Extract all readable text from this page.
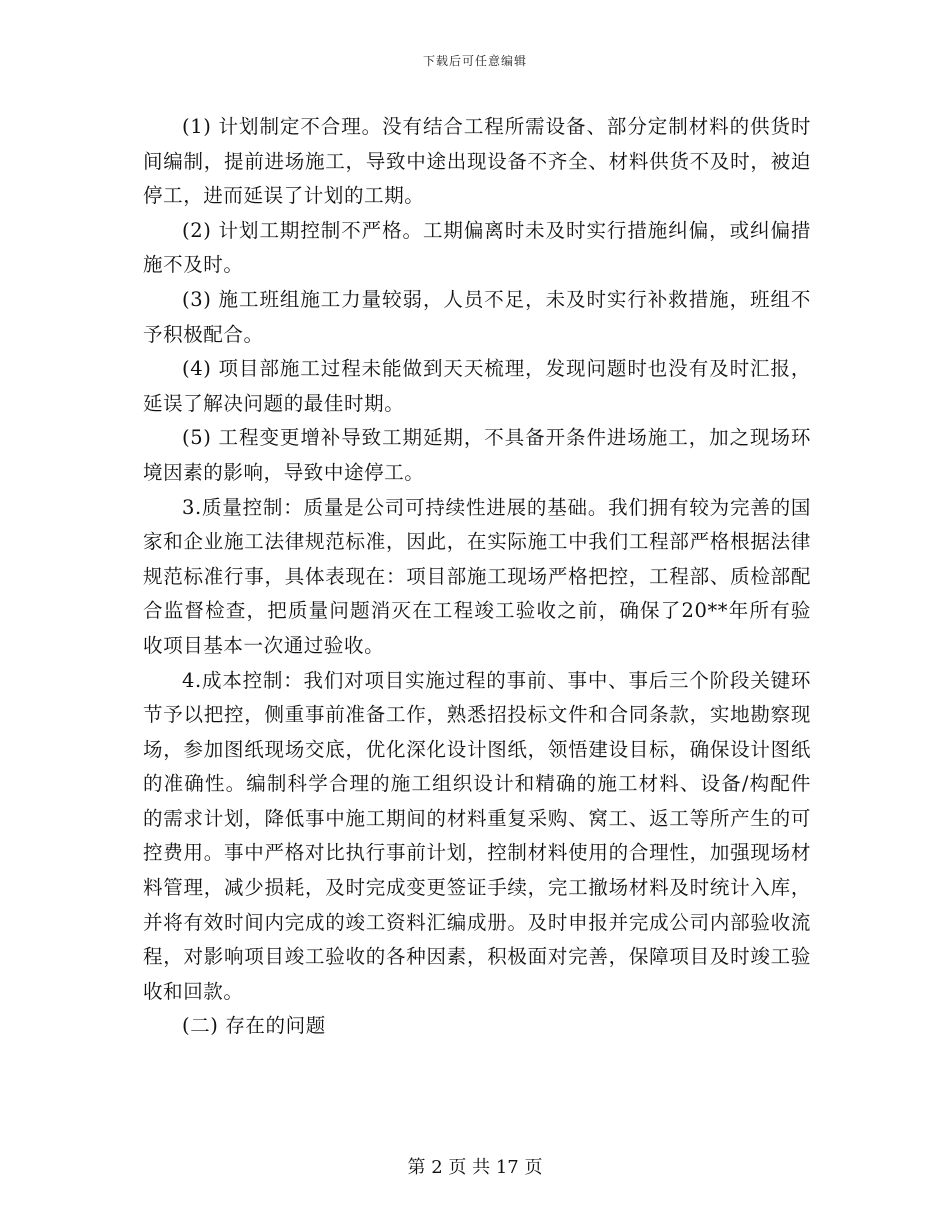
下载后可任意编辑

(1) 计划制定不合理。没有结合工程所需设备、部分定制材料的供货时间编制，提前进场施工，导致中途出现设备不齐全、材料供货不及时，被迫停工，进而延误了计划的工期。

(2) 计划工期控制不严格。工期偏离时未及时实行措施纠偏，或纠偏措施不及时。

(3) 施工班组施工力量较弱，人员不足，未及时实行补救措施，班组不予积极配合。

(4) 项目部施工过程未能做到天天梳理，发现问题时也没有及时汇报，延误了解决问题的最佳时期。

(5) 工程变更增补导致工期延期，不具备开条件进场施工，加之现场环境因素的影响，导致中途停工。

3.质量控制：质量是公司可持续性进展的基础。我们拥有较为完善的国家和企业施工法律规范标准，因此，在实际施工中我们工程部严格根据法律规范标准行事，具体表现在：项目部施工现场严格把控，工程部、质检部配合监督检查，把质量问题消灭在工程竣工验收之前，确保了20**年所有验收项目基本一次通过验收。

4.成本控制：我们对项目实施过程的事前、事中、事后三个阶段关键环节予以把控，侧重事前准备工作，熟悉招投标文件和合同条款，实地勘察现场，参加图纸现场交底，优化深化设计图纸，领悟建设目标，确保设计图纸的准确性。编制科学合理的施工组织设计和精确的施工材料、设备/构配件的需求计划，降低事中施工期间的材料重复采购、窝工、返工等所产生的可控费用。事中严格对比执行事前计划，控制材料使用的合理性，加强现场材料管理，减少损耗，及时完成变更签证手续，完工撤场材料及时统计入库，并将有效时间内完成的竣工资料汇编成册。及时申报并完成公司内部验收流程，对影响项目竣工验收的各种因素，积极面对完善，保障项目及时竣工验收和回款。

(二) 存在的问题

第 2 页 共 17 页
